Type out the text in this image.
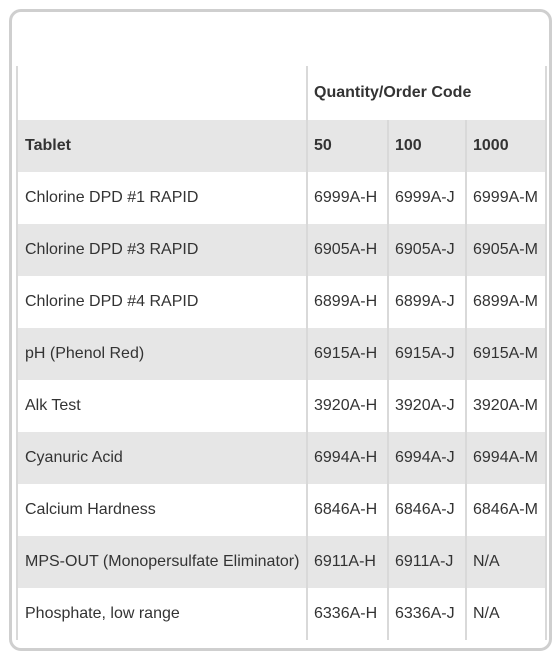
	Quantity/Order Code		
Tablet	50	100	1000
Chlorine DPD #1 RAPID	6999A-H	6999A-J	6999A-M
Chlorine DPD #3 RAPID	6905A-H	6905A-J	6905A-M
Chlorine DPD #4 RAPID	6899A-H	6899A-J	6899A-M
pH (Phenol Red)	6915A-H	6915A-J	6915A-M
Alk Test	3920A-H	3920A-J	3920A-M
Cyanuric Acid	6994A-H	6994A-J	6994A-M
Calcium Hardness	6846A-H	6846A-J	6846A-M
MPS-OUT (Monopersulfate Eliminator)	6911A-H	6911A-J	N/A
Phosphate, low range	6336A-H	6336A-J	N/A
